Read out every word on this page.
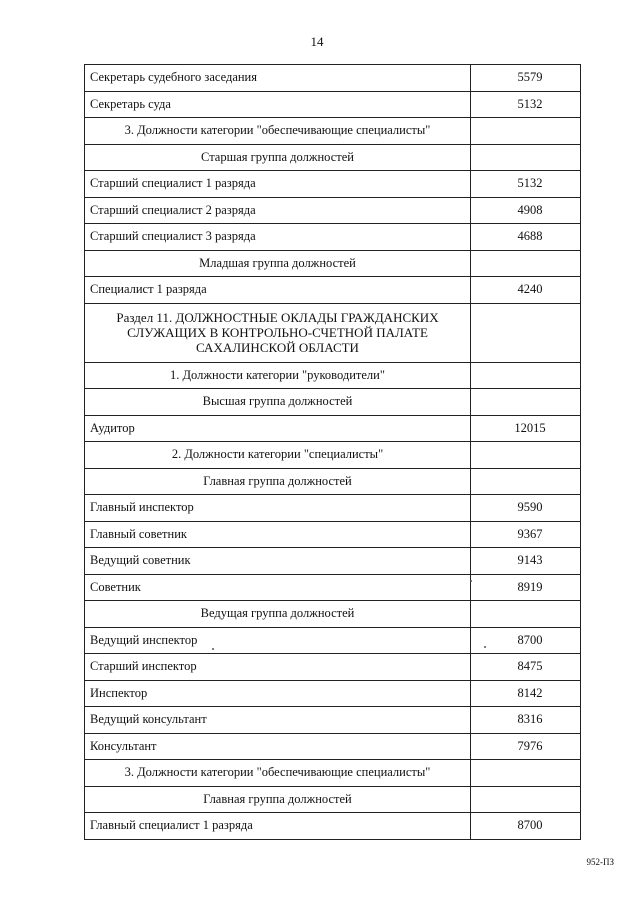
14
Секретарь судебного заседания	5579
Секретарь суда	5132
3. Должности категории "обеспечивающие специалисты"	
Старшая группа должностей	
Старший специалист 1 разряда	5132
Старший специалист 2 разряда	4908
Старший специалист 3 разряда	4688
Младшая группа должностей	
Специалист 1 разряда	4240
Раздел 11. ДОЛЖНОСТНЫЕ ОКЛАДЫ ГРАЖДАНСКИХ СЛУЖАЩИХ В КОНТРОЛЬНО-СЧЕТНОЙ ПАЛАТЕ САХАЛИНСКОЙ ОБЛАСТИ	
1. Должности категории "руководители"	
Высшая группа должностей	
Аудитор	12015
2. Должности категории "специалисты"	
Главная группа должностей	
Главный инспектор	9590
Главный советник	9367
Ведущий советник	9143
Советник	8919
Ведущая группа должностей	
Ведущий инспектор	8700
Старший инспектор	8475
Инспектор	8142
Ведущий консультант	8316
Консультант	7976
3. Должности категории "обеспечивающие специалисты"	
Главная группа должностей	
Главный специалист 1 разряда	8700
952-ПЗ
